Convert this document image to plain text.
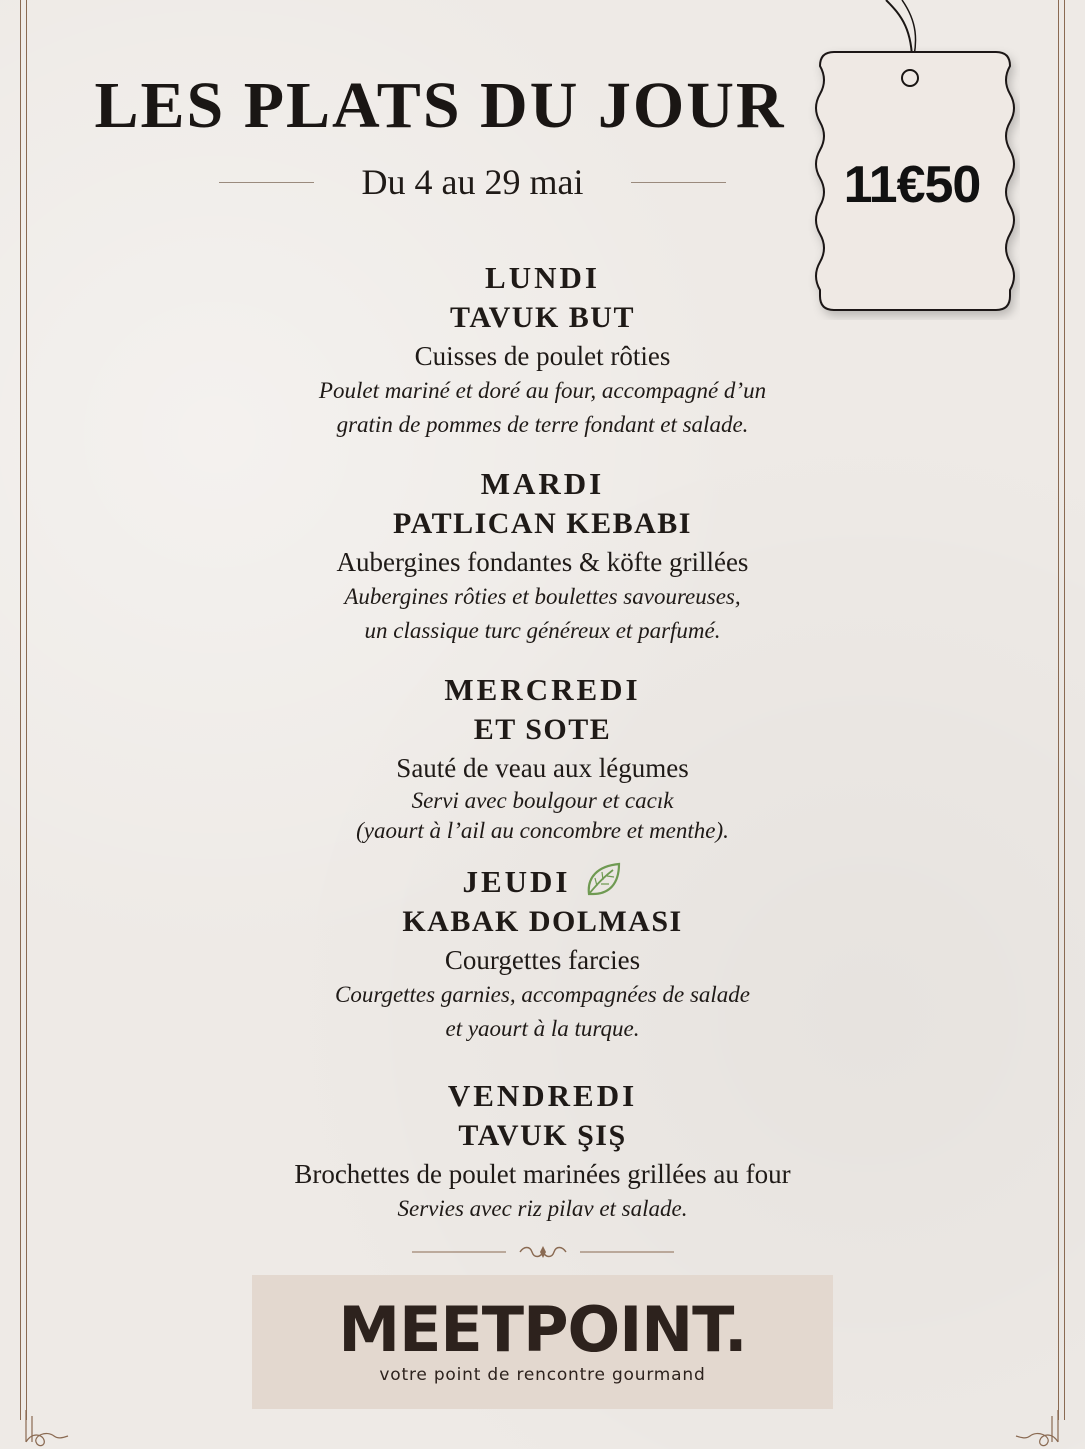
LES PLATS DU JOUR
Du 4 au 29 mai	11€50
LUNDI
TAVUK BUT
Cuisses de poulet rôties
Poulet mariné et doré au four, accompagné d’un
gratin de pommes de terre fondant et salade.
MARDI
PATLICAN KEBABI
Aubergines fondantes & köfte grillées
Aubergines rôties et boulettes savoureuses,
un classique turc généreux et parfumé.
MERCREDI
ET SOTE
Sauté de veau aux légumes
Servi avec boulgour et cacık
(yaourt à l’ail au concombre et menthe).
JEUDI
KABAK DOLMASI
Courgettes farcies
Courgettes garnies, accompagnées de salade
et yaourt à la turque.
VENDREDI
TAVUK ŞIŞ
Brochettes de poulet marinées grillées au four
Servies avec riz pilav et salade.
MEETPOINT.
votre point de rencontre gourmand
